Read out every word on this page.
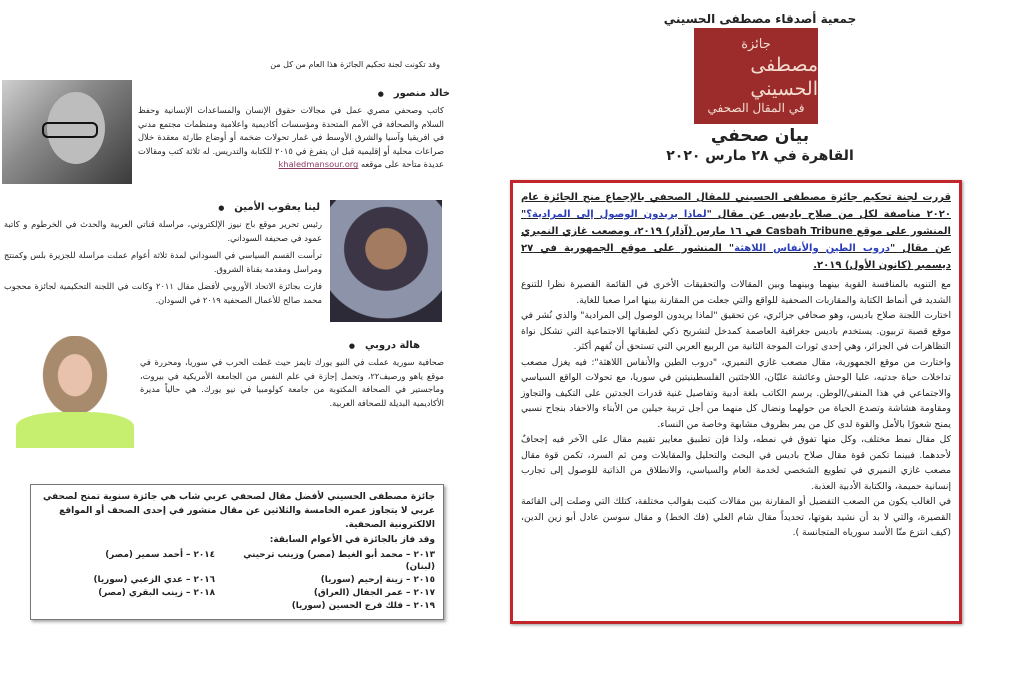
جمعية أصدقاء مصطفى الحسيني
جائزة
مصطفى الحسيني
في المقال الصحفي
بيان صحفي
القاهرة في ٢٨ مارس ٢٠٢٠

قررت لجنة تحكيم جائزة مصطفى الحسيني للمقال الصحفي بالإجماع منح الجائزة عام ٢٠٢٠ مناصفة لكل من صلاح باديس عن مقال "لماذا يريدون الوصول إلى المرادية؟" المنشور على موقع Casbah Tribune في ١٦ مارس (آذار) ٢٠١٩، ومصعب غازي النميري عن مقال "دروب الطين والأنفاس اللاهثة" المنشور على موقع الجمهورية في ٢٧ ديسمبر (كانون الأول) ٢٠١٩.

مع التنويه بالمنافسة القوية بينهما وبينهما وبين المقالات والتحقيقات الأخرى في القائمة القصيرة نظرا للتنوع الشديد في أنماط الكتابة والمقاربات الصحفية للواقع والتي جعلت من المقارنة بينها امرا صعبا للغاية.

اختارت اللجنة صلاح باديس، وهو صحافي جزائري، عن تحقيق "لماذا يريدون الوصول إلى المرادية" والذي نُشر في موقع قصبة تربيون. يستخدم باديس جغرافية العاصمة كمدخل لتشريح ذكي لطبقاتها الاجتماعية التي تشكل نواة التظاهرات في الجزائر، وهي إحدى ثورات الموجة الثانية من الربيع العربي التي تستحق أن تُفهم أكثر.

واختارت من موقع الجمهورية، مقال مصعب غازي النميري، "دروب الطين والأنفاس اللاهثة": فيه يغزل مصعب تداخلات حياة جدتيه، عليا الوحش وعائشة عليّان، اللاجئتين الفلسطينيتين في سوريا، مع تحولات الواقع السياسي والاجتماعي في هذا المنفى/الوطن. يرسم الكاتب بلغة أدبية وتفاصيل غنية قدرات الجدتين على التكيف والتجاوز ومقاومة هشاشة وتصدع الحياة من حولهما ونضال كل منهما من أجل تربية جيلين من الأبناء والاحفاد بنجاح نسبي يمنح شعورًا بالأمل والقوة لدى كل من يمر بظروف مشابهة وخاصة من النساء.

كل مقال نمط مختلف، وكل منها تفوق في نمطه، ولذا فإن تطبيق معايير تقييم مقال على الآخر فيه إجحافٌ لأحدهما. فبينما تكمن قوة مقال صلاح باديس في البحث والتحليل والمقابلات ومن ثم السرد، تكمن قوة مقال مصعب غازي النميري في تطويع الشخصي لخدمة العام والسياسي، والانطلاق من الذاتية للوصول إلى تجارب إنسانية حميمة، والكتابة الأدبية العذبة.

في الغالب يكون من الصعب التفضيل أو المقارنة بين مقالات كتبت بقوالب مختلفة، كتلك التي وصلت إلى القائمة القصيرة، والتي لا بد أن نشيد بقوتها، تحديداً مقال شام العلي (فك الخط) و مقال سوسن عادل أبو زين الدين، (كيف انتزع منّا الأسد سورياه المتجانسة ).

وقد تكونت لجنة تحكيم الجائزة هذا العام من كل من
خالد منصور ●

كاتب وصحفي مصري عمل في مجالات حقوق الإنسان والمساعدات الإنسانية وحفظ السلام والصحافة في الأمم المتحدة ومؤسسات أكاديمية واعلامية ومنظمات مجتمع مدني في افريقيا وآسيا والشرق الأوسط في غمار تحولات ضخمة أو أوضاع طارئة معقدة خلال صراعات محلية أو إقليمية قبل ان يتفرغ في ٢٠١٥ للكتابة والتدريس. له ثلاثة كتب ومقالات عديدة متاحة على موقعه khaledmansour.org

لينا يعقوب الأمين ●

رئيس تحرير موقع باج نيوز الإلكتروني، مراسلة قناتي العربية والحدث في الخرطوم و كاتبة عمود في صحيفة السوداني.

ترأست القسم السياسي في السوداني لمدة ثلاثة أعوام عملت مراسلة للجزيرة بلس وكمنتج ومراسل ومقدمة بقناة الشروق.

فازت بجائزة الاتحاد الأوروبي لأفضل مقال ٢٠١١ وكانت في اللجنة التحكيمية لجائزة محجوب محمد صالح للأعمال الصحفية ٢٠١٩ في السودان.

هالة دروبي ●

صحافية سورية عملت في النيو يورك تايمز حيث غطت الحرب في سوريا، ومحررة في موقع ياهو ورصيف٢٢، وتحمل إجازة في علم النفس من الجامعة الأمريكية في بيروت، وماجستير في الصحافة المكتوبة من جامعة كولومبيا في نيو يورك. هي حالياً مديرة الأكاديمية البديلة للصحافة العربية.

جائزة مصطفى الحسيني لأفضل مقال لصحفي عربي شاب هي جائزة سنوية تمنح لصحفي عربي لا يتجاوز عمره الخامسة والثلاثين عن مقال منشور في إحدى الصحف أو المواقع الالكترونية الصحفية.

وقد فاز بالجائزة في الأعوام السابقة:

٢٠١٣ – محمد أبو الغيط (مصر) وزينب ترحيني (لبنان)
٢٠١٤ – أحمد سمير (مصر)
٢٠١٥ – زينة إرحيم (سوريا)
٢٠١٦ – عدي الزعبي (سوريا)
٢٠١٧ – عمر الجفال (العراق)
٢٠١٨ – زينب البقري (مصر)
٢٠١٩ – فلك فرج الحسين (سوريا)
